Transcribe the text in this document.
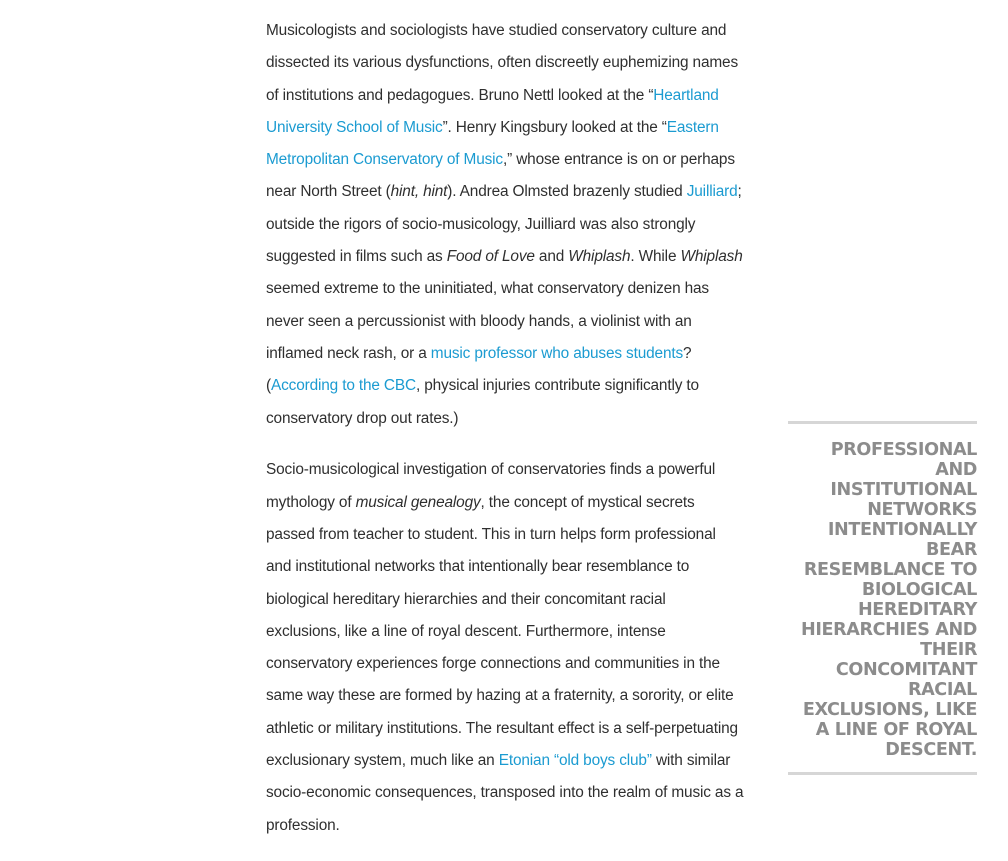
Musicologists and sociologists have studied conservatory culture and dissected its various dysfunctions, often discreetly euphemizing names of institutions and pedagogues. Bruno Nettl looked at the “Heartland University School of Music”. Henry Kingsbury looked at the “Eastern Metropolitan Conservatory of Music,” whose entrance is on or perhaps near North Street (hint, hint). Andrea Olmsted brazenly studied Juilliard; outside the rigors of socio-musicology, Juilliard was also strongly suggested in films such as Food of Love and Whiplash. While Whiplash seemed extreme to the uninitiated, what conservatory denizen has never seen a percussionist with bloody hands, a violinist with an inflamed neck rash, or a music professor who abuses students? (According to the CBC, physical injuries contribute significantly to conservatory drop out rates.)

Socio-musicological investigation of conservatories finds a powerful mythology of musical genealogy, the concept of mystical secrets passed from teacher to student. This in turn helps form professional and institutional networks that intentionally bear resemblance to biological hereditary hierarchies and their concomitant racial exclusions, like a line of royal descent. Furthermore, intense conservatory experiences forge connections and communities in the same way these are formed by hazing at a fraternity, a sorority, or elite athletic or military institutions. The resultant effect is a self-perpetuating exclusionary system, much like an Etonian “old boys club” with similar socio-economic consequences, transposed into the realm of music as a profession.

PROFESSIONAL AND INSTITUTIONAL NETWORKS INTENTIONALLY BEAR RESEMBLANCE TO BIOLOGICAL HEREDITARY HIERARCHIES AND THEIR CONCOMITANT RACIAL EXCLUSIONS, LIKE A LINE OF ROYAL DESCENT.
